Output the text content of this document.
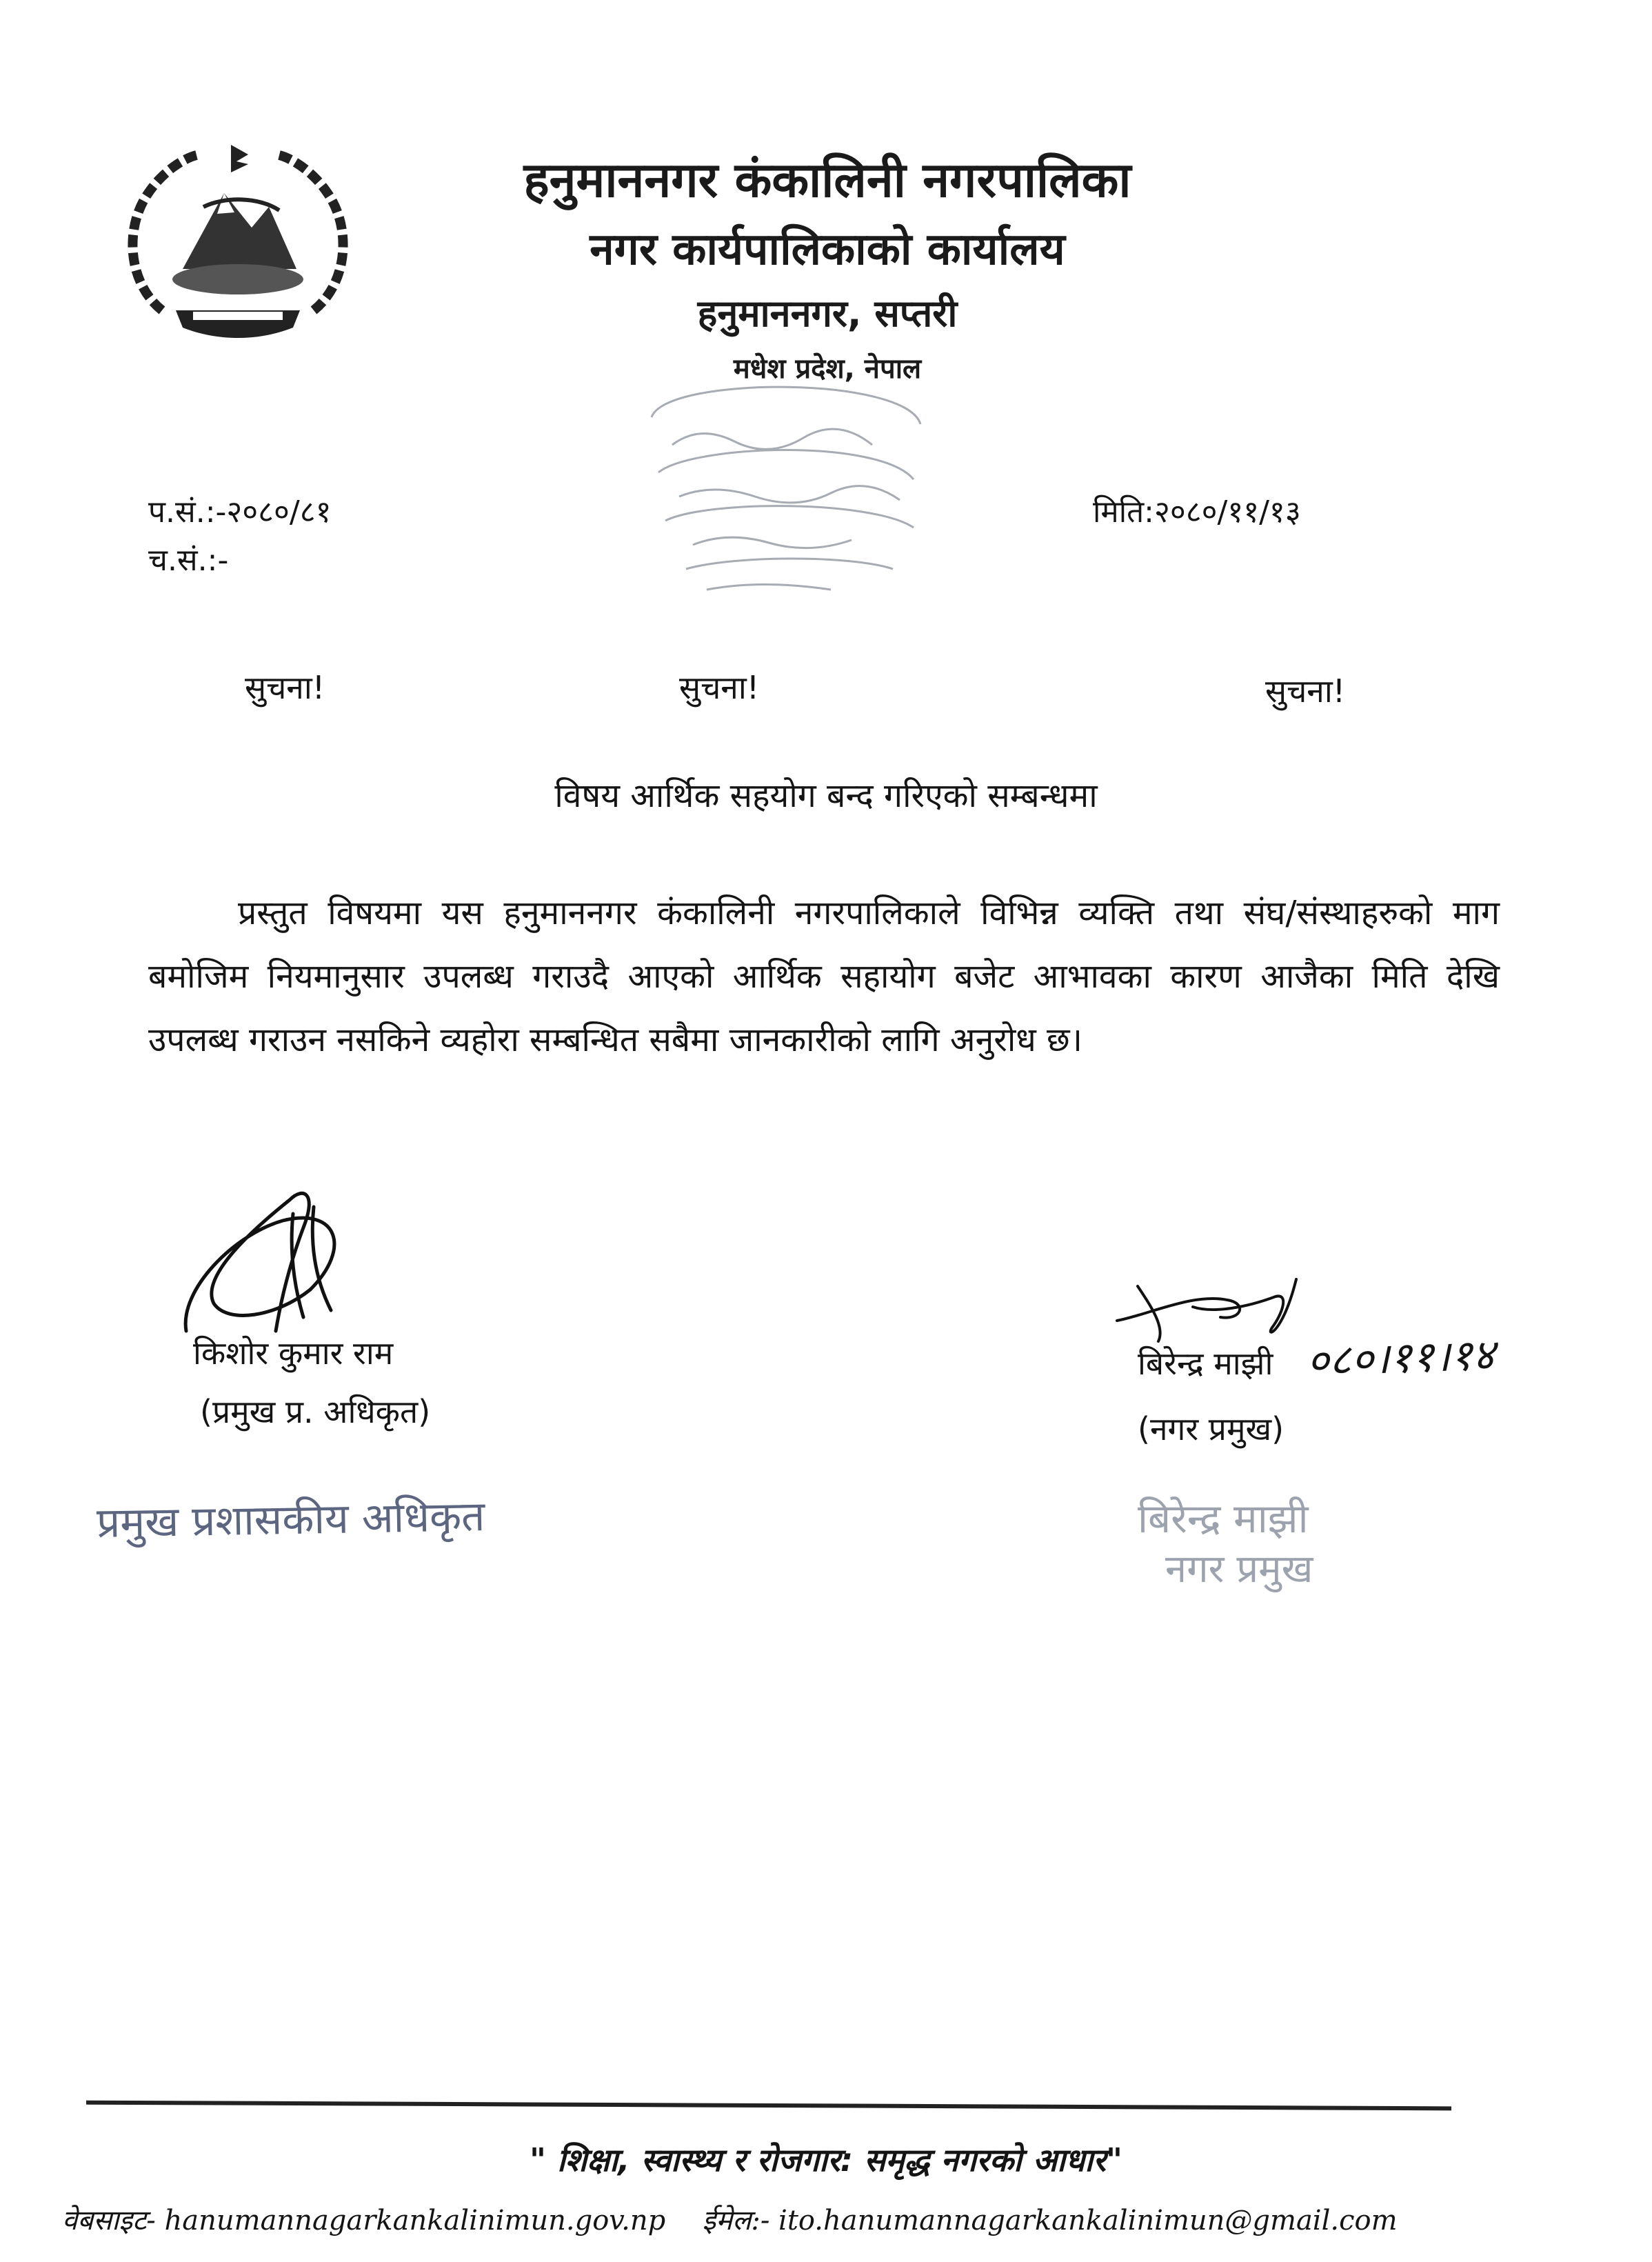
हनुमाननगर कंकालिनी नगरपालिका
नगर कार्यपालिकाको कार्यालय
हनुमाननगर, सप्तरी
मधेश प्रदेश, नेपाल
प.सं.:-२०८०/८१
च.सं.:-
मिति:२०८०/११/१३
सुचना!	सुचना!	सुचना!
विषय आर्थिक सहयोग बन्द गरिएको सम्बन्धमा
प्रस्तुत विषयमा यस हनुमाननगर कंकालिनी नगरपालिकाले विभिन्न व्यक्ति तथा संघ/संस्थाहरुको माग बमोजिम नियमानुसार उपलब्ध गराउदै आएको आर्थिक सहायोग बजेट आभावका कारण आजैका मिति देखि उपलब्ध गराउन नसकिने व्यहोरा सम्बन्धित सबैमा जानकारीको लागि अनुरोध छ।
किशोर कुमार राम
(प्रमुख प्र. अधिकृत)
प्रमुख प्रशासकीय अधिकृत
बिरेन्द्र माझी ०८०।११।१४
(नगर प्रमुख)
बिरेन्द्र माझी
नगर प्रमुख
" शिक्षा, स्वास्थ्य र रोजगार: समृद्ध नगरको आधार"
वेबसाइट- hanumannagarkankalinimun.gov.np ईमेल:- ito.hanumannagarkankalinimun@gmail.com
